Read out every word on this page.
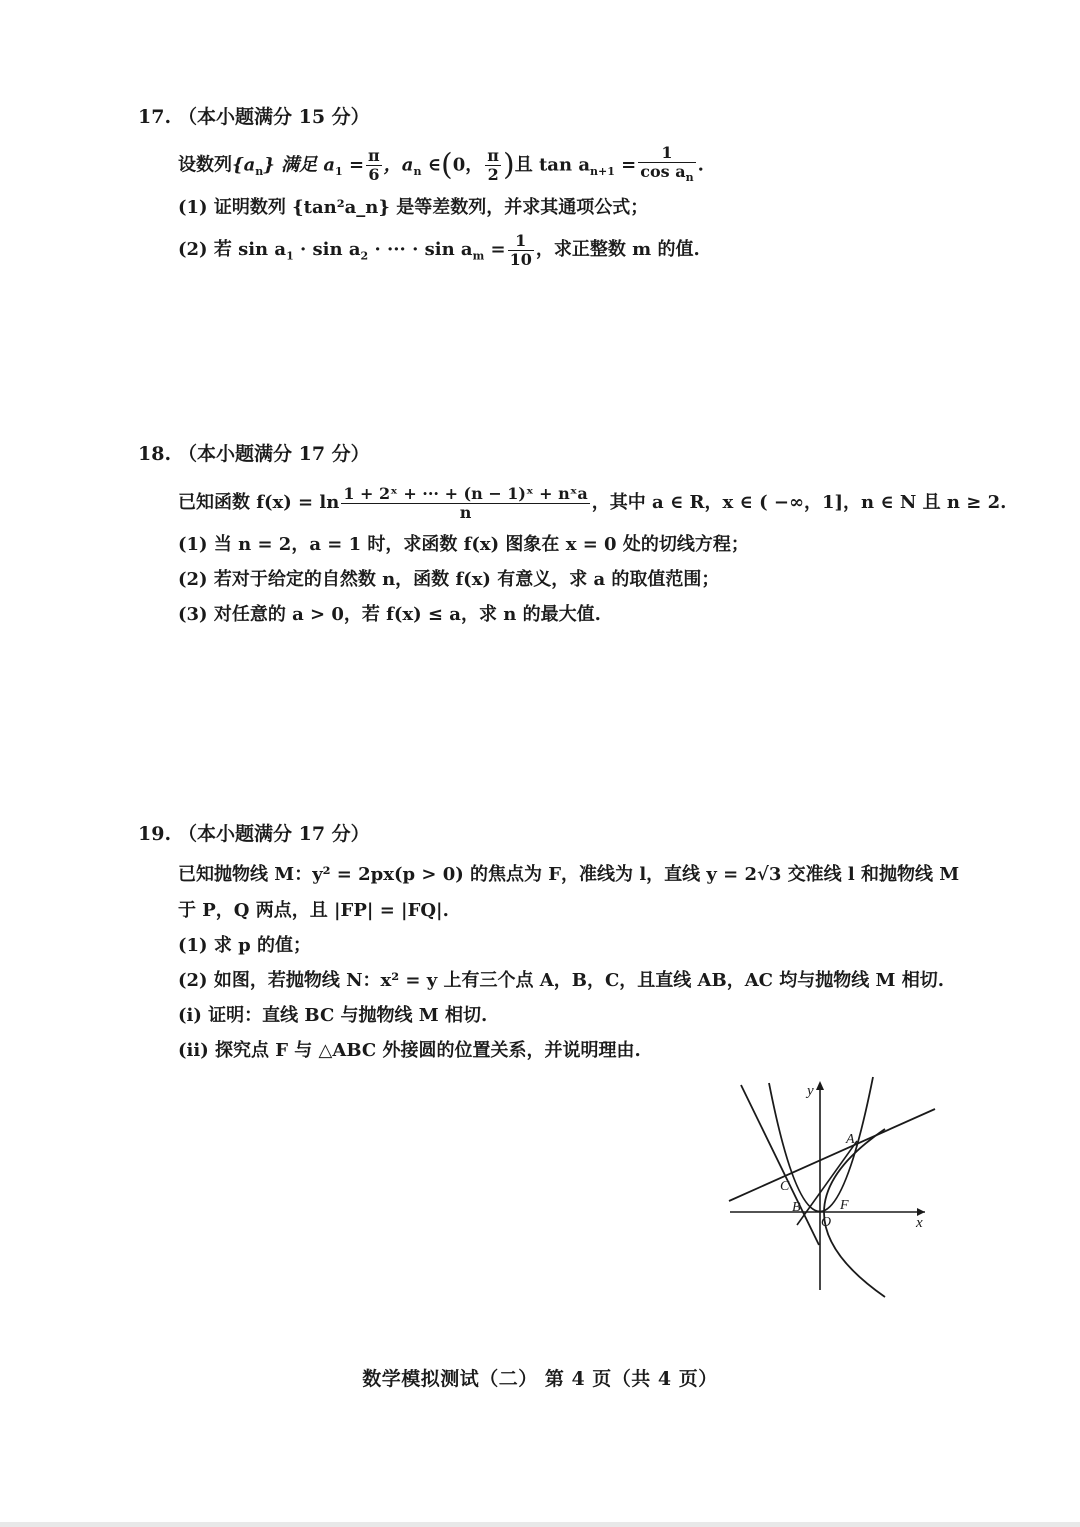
17. （本小题满分 15 分）
设数列$\{a_n\}$ 满足 $a_1 = \frac{\pi}{6}$ ，$a_n$ ∈(0， $\frac{\pi}{2}$ )且 $\tan a_{n+1} = \frac{1}{\cos a_n}$ .
(1) 证明数列 {tan²a_n} 是等差数列，并求其通项公式；
(2) 若 $\sin a_1 \cdot \sin a_2$ · ··· · $\sin a_m = \frac{1}{10}$ ，求正整数 m 的值.
18. （本小题满分 17 分）
已知函数 $f(x) = \ln \frac{\text{1 + 2ˣ + ··· + (n − 1)ˣ + nˣa}}{n}$ ，其中 a ∈ R，x ∈ ( −∞，1]，n ∈ N 且 n ≥ 2.
(1) 当 n = 2，a = 1 时，求函数 f(x) 图象在 x = 0 处的切线方程；
(2) 若对于给定的自然数 n，函数 f(x) 有意义，求 a 的取值范围；
(3) 对任意的 a > 0，若 f(x) ≤ a，求 n 的最大值.
19. （本小题满分 17 分）
已知抛物线 M：y² = 2px(p > 0) 的焦点为 F，准线为 l，直线 y = 2√3 交准线 l 和抛物线 M
于 P，Q 两点，且 |FP| = |FQ|.
(1) 求 p 的值；
(2) 如图，若抛物线 N：x² = y 上有三个点 A，B，C，且直线 AB，AC 均与抛物线 M 相切.
(i) 证明：直线 BC 与抛物线 M 相切.
(ii) 探究点 F 与 △ABC 外接圆的位置关系，并说明理由.
y
x
A
C
B
O
F
数学模拟测试（二） 第 4 页（共 4 页）
